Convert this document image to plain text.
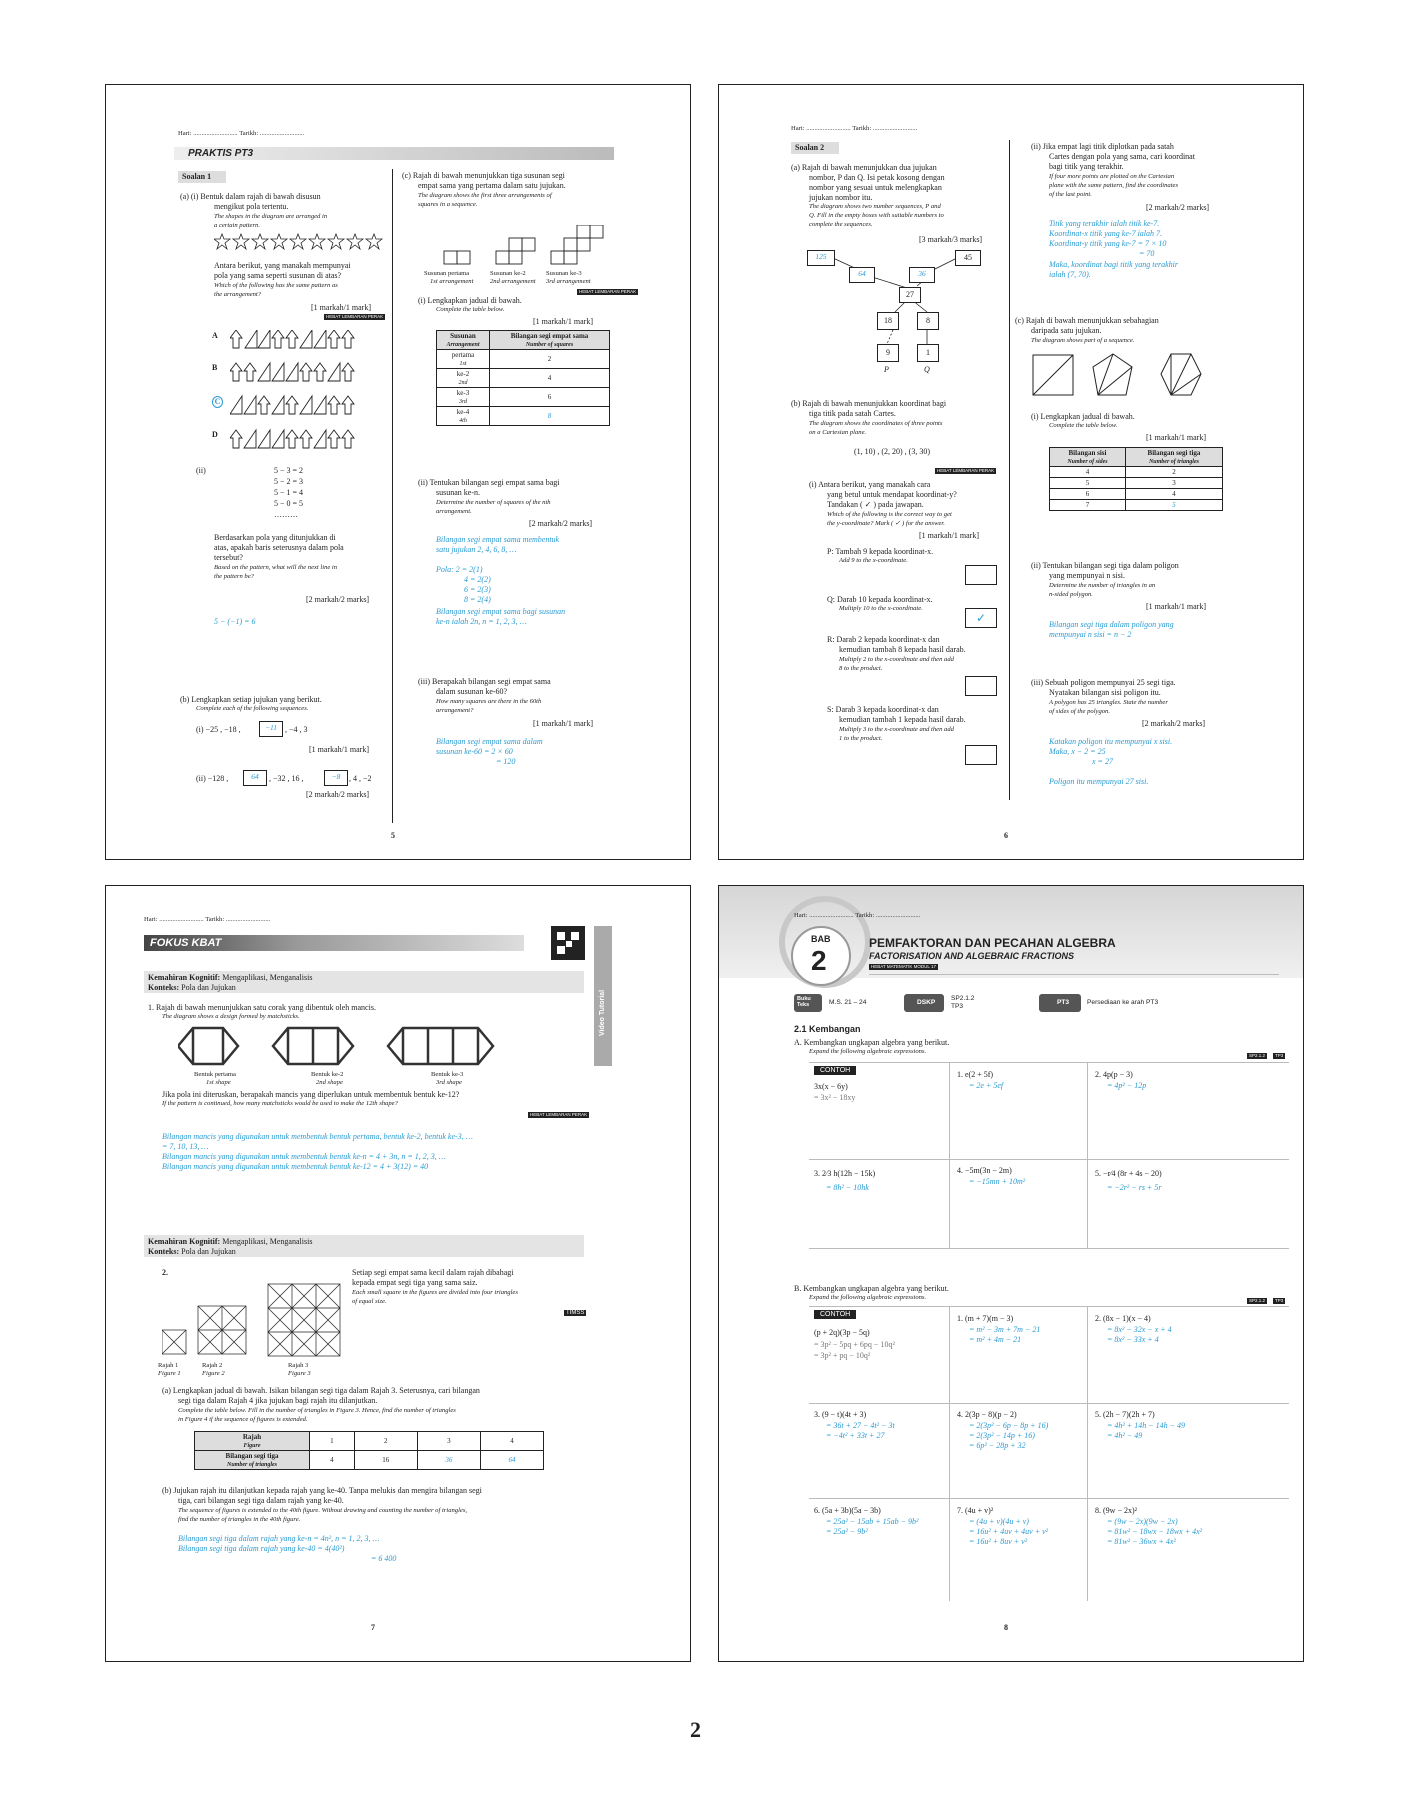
Hari: ........................... Tarikh: ...........................
PRAKTIS PT3
Soalan 1
(a) (i) Bentuk dalam rajah di bawah disusun
mengikut pola tertentu.
The shapes in the diagram are arranged in
a certain pattern.
Antara berikut, yang manakah mempunyai
pola yang sama seperti susunan di atas?
Which of the following has the same pattern as
the arrangement?
[1 markah/1 mark]
HEBAT LEMBARAN PERAK
A
B
C
D
(ii)	5 − 3 = 2
5 − 2 = 3
5 − 1 = 4
5 − 0 = 5
………
Berdasarkan pola yang ditunjukkan di
atas, apakah baris seterusnya dalam pola
tersebut?
Based on the pattern, what will the next line in
the pattern be?
[2 markah/2 marks]
5 − (−1) = 6
(b) Lengkapkan setiap jujukan yang berikut.
Complete each of the following sequences.
(i) −25 , −18 ,	−11	, −4 , 3
[1 markah/1 mark]
(ii) −128 ,	64	, −32 , 16 ,	−8	, 4 , −2
[2 markah/2 marks]
(c) Rajah di bawah menunjukkan tiga susunan segi
empat sama yang pertama dalam satu jujukan.
The diagram shows the first three arrangements of
squares in a sequence.
Susunan pertama
1st arrangement
Susunan ke-2
2nd arrangement
Susunan ke-3
3rd arrangement
HEBAT LEMBARAN PERAK
(i) Lengkapkan jadual di bawah.
Complete the table below.
[1 markah/1 mark]
Susunan
Arrangement	Bilangan segi empat sama
Number of squares
pertama
1st	2
ke-2
2nd	4
ke-3
3rd	6
ke-4
4th	8
(ii) Tentukan bilangan segi empat sama bagi
susunan ke-n.
Determine the number of squares of the nth
arrangement.
[2 markah/2 marks]
Bilangan segi empat sama membentuk
satu jujukan 2, 4, 6, 8, …
Pola: 2 = 2(1)
4 = 2(2)
6 = 2(3)
8 = 2(4)
Bilangan segi empat sama bagi susunan
ke-n ialah 2n, n = 1, 2, 3, …
(iii) Berapakah bilangan segi empat sama
dalam susunan ke-60?
How many squares are there in the 60th
arrangement?
[1 markah/1 mark]
Bilangan segi empat sama dalam
susunan ke-60 = 2 × 60
= 120
5
Hari: ........................... Tarikh: ...........................
Soalan 2
(a) Rajah di bawah menunjukkan dua jujukan
nombor, P dan Q. Isi petak kosong dengan
nombor yang sesuai untuk melengkapkan
jujukan nombor itu.
The diagram shows two number sequences, P and
Q. Fill in the empty boxes with suitable numbers to
complete the sequences.
[3 markah/3 marks]
125
64	36
45
27
18	8
9	1
P	Q
(b) Rajah di bawah menunjukkan koordinat bagi
tiga titik pada satah Cartes.
The diagram shows the coordinates of three points
on a Cartesian plane.
(1, 10) , (2, 20) , (3, 30)
HEBAT LEMBARAN PERAK
(i) Antara berikut, yang manakah cara
yang betul untuk mendapat koordinat-y?
Tandakan ( ✓ ) pada jawapan.
Which of the following is the correct way to get
the y-coordinate? Mark ( ✓ ) for the answer.
[1 markah/1 mark]
P: Tambah 9 kepada koordinat-x.
Add 9 to the x-coordinate.
Q: Darab 10 kepada koordinat-x.
Multiply 10 to the x-coordinate.
✓
R: Darab 2 kepada koordinat-x dan
kemudian tambah 8 kepada hasil darab.
Multiply 2 to the x-coordinate and then add
8 to the product.
S: Darab 3 kepada koordinat-x dan
kemudian tambah 1 kepada hasil darab.
Multiply 3 to the x-coordinate and then add
1 to the product.
(ii) Jika empat lagi titik diplotkan pada satah
Cartes dengan pola yang sama, cari koordinat
bagi titik yang terakhir.
If four more points are plotted on the Cartesian
plane with the same pattern, find the coordinates
of the last point.
[2 markah/2 marks]
Titik yang terakhir ialah titik ke-7.
Koordinat-x titik yang ke-7 ialah 7.
Koordinat-y titik yang ke-7 = 7 × 10
= 70
Maka, koordinat bagi titik yang terakhir
ialah (7, 70).
(c) Rajah di bawah menunjukkan sebahagian
daripada satu jujukan.
The diagram shows part of a sequence.
(i) Lengkapkan jadual di bawah.
Complete the table below.
[1 markah/1 mark]
Bilangan sisi
Number of sides	Bilangan segi tiga
Number of triangles
4	2
5	3
6	4
7	5
(ii) Tentukan bilangan segi tiga dalam poligon
yang mempunyai n sisi.
Determine the number of triangles in an
n-sided polygon.
[1 markah/1 mark]
Bilangan segi tiga dalam poligon yang
mempunyai n sisi = n − 2
(iii) Sebuah poligon mempunyai 25 segi tiga.
Nyatakan bilangan sisi poligon itu.
A polygon has 25 triangles. State the number
of sides of the polygon.
[2 markah/2 marks]
Katakan poligon itu mempunyai x sisi.
Maka, x − 2 = 25
x = 27
Poligon itu mempunyai 27 sisi.
6
Hari: ........................... Tarikh: ...........................
FOKUS KBAT
Video Tutorial
Kemahiran Kognitif: Mengaplikasi, Menganalisis
Konteks: Pola dan Jujukan
1. Rajah di bawah menunjukkan satu corak yang dibentuk oleh mancis.
The diagram shows a design formed by matchsticks.
Bentuk pertama
1st shape
Bentuk ke-2
2nd shape
Bentuk ke-3
3rd shape
Jika pola ini diteruskan, berapakah mancis yang diperlukan untuk membentuk bentuk ke-12?
If the pattern is continued, how many matchsticks would be used to make the 12th shape?
HEBAT LEMBARAN PERAK
Bilangan mancis yang digunakan untuk membentuk bentuk pertama, bentuk ke-2, bentuk ke-3, …
= 7, 10, 13, …
Bilangan mancis yang digunakan untuk membentuk bentuk ke-n = 4 + 3n, n = 1, 2, 3, …
Bilangan mancis yang digunakan untuk membentuk bentuk ke-12 = 4 + 3(12) = 40
Kemahiran Kognitif: Mengaplikasi, Menganalisis
Konteks: Pola dan Jujukan
2.
Rajah 1
Figure 1
Rajah 2
Figure 2
Rajah 3
Figure 3
Setiap segi empat sama kecil dalam rajah dibahagi
kepada empat segi tiga yang sama saiz.
Each small square in the figures are divided into four triangles
of equal size.
TIMSS
(a) Lengkapkan jadual di bawah. Isikan bilangan segi tiga dalam Rajah 3. Seterusnya, cari bilangan
segi tiga dalam Rajah 4 jika jujukan bagi rajah itu dilanjutkan.
Complete the table below. Fill in the number of triangles in Figure 3. Hence, find the number of triangles
in Figure 4 if the sequence of figures is extended.
Rajah
Figure	1	2	3	4
Bilangan segi tiga
Number of triangles	4	16	36	64
(b) Jujukan rajah itu dilanjutkan kepada rajah yang ke-40. Tanpa melukis dan mengira bilangan segi
tiga, cari bilangan segi tiga dalam rajah yang ke-40.
The sequence of figures is extended to the 40th figure. Without drawing and counting the number of triangles,
find the number of triangles in the 40th figure.
Bilangan segi tiga dalam rajah yang ke-n = 4n², n = 1, 2, 3, …
Bilangan segi tiga dalam rajah yang ke-40 = 4(40²)
= 6 400
7
Hari: ........................... Tarikh: ...........................
BAB
2
PEMFAKTORAN DAN PECAHAN ALGEBRA
FACTORISATION AND ALGEBRAIC FRACTIONS
HEBAT MATEMATIK MODUL 17
Buku Teks	M.S. 21 – 24	DSKP
SP2.1.2
TP3
PT3	Persediaan ke arah PT3
2.1 Kembangan
A. Kembangkan ungkapan algebra yang berikut.
Expand the following algebraic expressions.
SP2.1.2	TP3
CONTOH
3x(x − 6y)
= 3x² − 18xy
1. e(2 + 5f)
= 2e + 5ef
2. 4p(p − 3)
= 4p² − 12p
3. 2⁄3 h(12h − 15k)
= 8h² − 10hk
4. −5m(3n − 2m)
= −15mn + 10m²
5. −r⁄4 (8r + 4s − 20)
= −2r² − rs + 5r
B. Kembangkan ungkapan algebra yang berikut.
Expand the following algebraic expressions.	SP2.1.2	TP3
CONTOH
(p + 2q)(3p − 5q)
= 3p² − 5pq + 6pq − 10q²
= 3p² + pq − 10q²
1. (m + 7)(m − 3)
= m² − 3m + 7m − 21
= m² + 4m − 21
2. (8x − 1)(x − 4)
= 8x² − 32x − x + 4
= 8x² − 33x + 4
3. (9 − t)(4t + 3)
= 36t + 27 − 4t² − 3t
= −4t² + 33t + 27
4. 2(3p − 8)(p − 2)
= 2(3p² − 6p − 8p + 16)
= 2(3p² − 14p + 16)
= 6p² − 28p + 32
5. (2h − 7)(2h + 7)
= 4h² + 14h − 14h − 49
= 4h² − 49
6. (5a + 3b)(5a − 3b)
= 25a² − 15ab + 15ab − 9b²
= 25a² − 9b²
7. (4u + v)²
= (4u + v)(4u + v)
= 16u² + 4uv + 4uv + v²
= 16u² + 8uv + v²
8. (9w − 2x)²
= (9w − 2x)(9w − 2x)
= 81w² − 18wx − 18wx + 4x²
= 81w² − 36wx + 4x²
8
2
